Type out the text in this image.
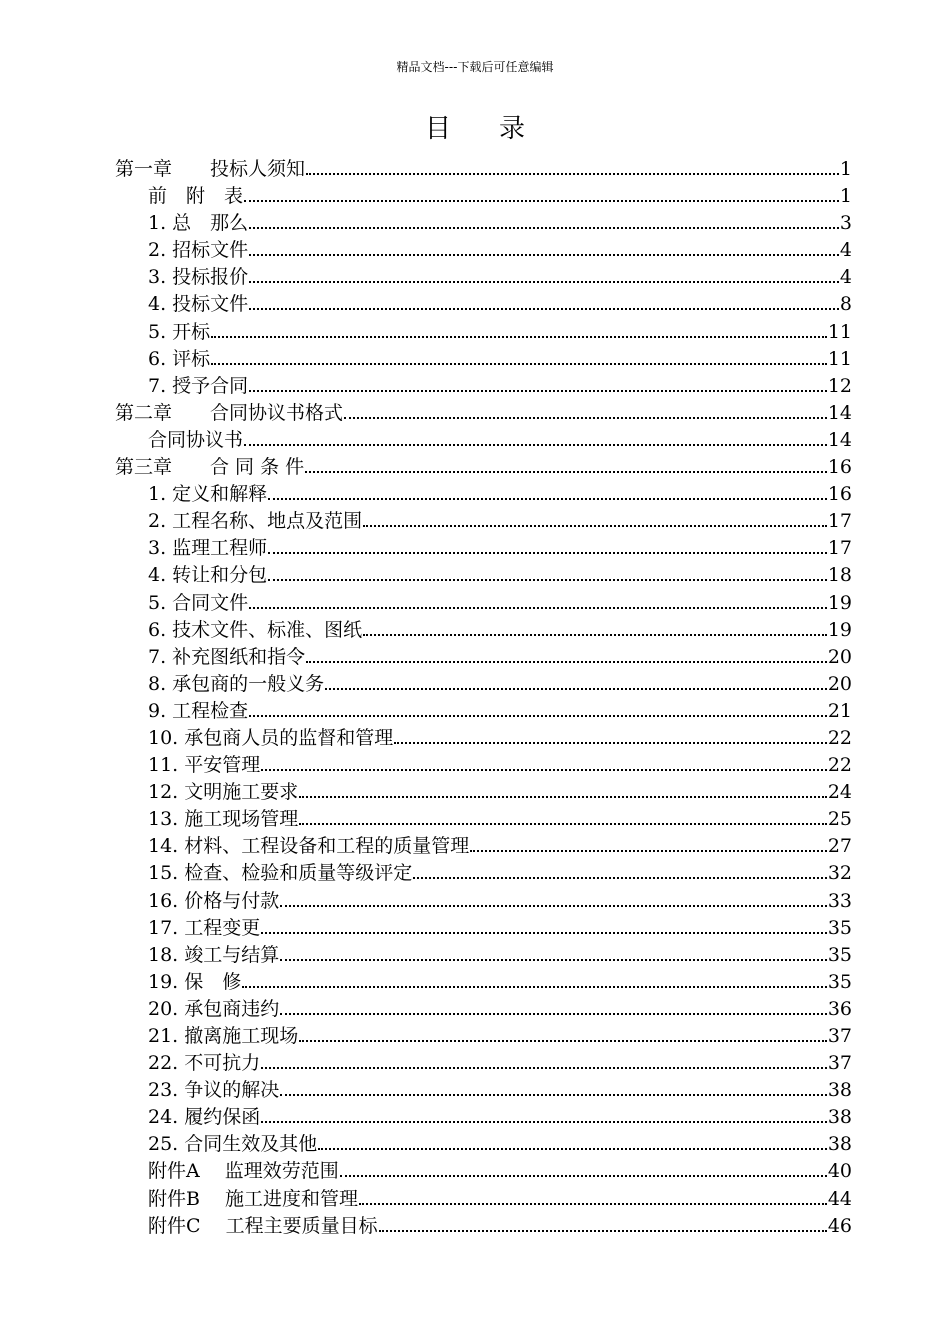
精品文档---下载后可任意编辑
目录
第一章　　投标人须知	1
前　附　表	1
1. 总　那么	3
2. 招标文件	4
3. 投标报价	4
4. 投标文件	8
5. 开标	11
6. 评标	11
7. 授予合同	12
第二章　　合同协议书格式	14
合同协议书	14
第三章　　合 同 条 件	16
1. 定义和解释	16
2. 工程名称、地点及范围	17
3. 监理工程师	17
4. 转让和分包	18
5. 合同文件	19
6. 技术文件、标准、图纸	19
7. 补充图纸和指令	20
8. 承包商的一般义务	20
9. 工程检查	21
10. 承包商人员的监督和管理	22
11. 平安管理	22
12. 文明施工要求	24
13. 施工现场管理	25
14. 材料、工程设备和工程的质量管理	27
15. 检查、检验和质量等级评定	32
16. 价格与付款	33
17. 工程变更	35
18. 竣工与结算	35
19. 保　修	35
20. 承包商违约	36
21. 撤离施工现场	37
22. 不可抗力	37
23. 争议的解决	38
24. 履约保函	38
25. 合同生效及其他	38
附件A　 监理效劳范围	40
附件B　 施工进度和管理	44
附件C　 工程主要质量目标	46
